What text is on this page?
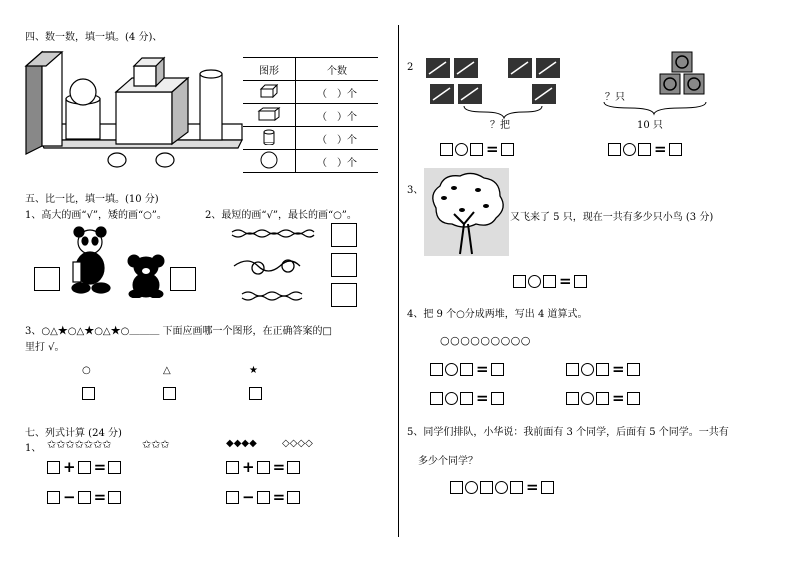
四、数一数，填一填。(4 分)、
图形	个数
	（　）个
	（　）个
	（　）个
	（　）个
五、比一比，填一填。(10 分)
1、高大的画“√”，矮的画“○”。	2、最短的画“√”，最长的画“○”。
3、○△★○△★○△★○＿＿＿ 下面应画哪一个图形，在正确答案的□
里打 √。
○	△	★
七、列式计算 (24 分)
1、 ✩✩✩✩✩✩✩	✩✩✩	◆◆◆◆	◇◇◇◇
+ =
− =
+ =
− =
2
？把
？只
10 只
=	=
3、
又飞来了 5 只，现在一共有多少只小鸟 (3 分)
=
4、把 9 个○分成两堆，写出 4 道算式。
○○○○○○○○○
=	=
=	=
5、同学们排队，小华说：我前面有 3 个同学，后面有 5 个同学。一共有
多少个同学？
=
